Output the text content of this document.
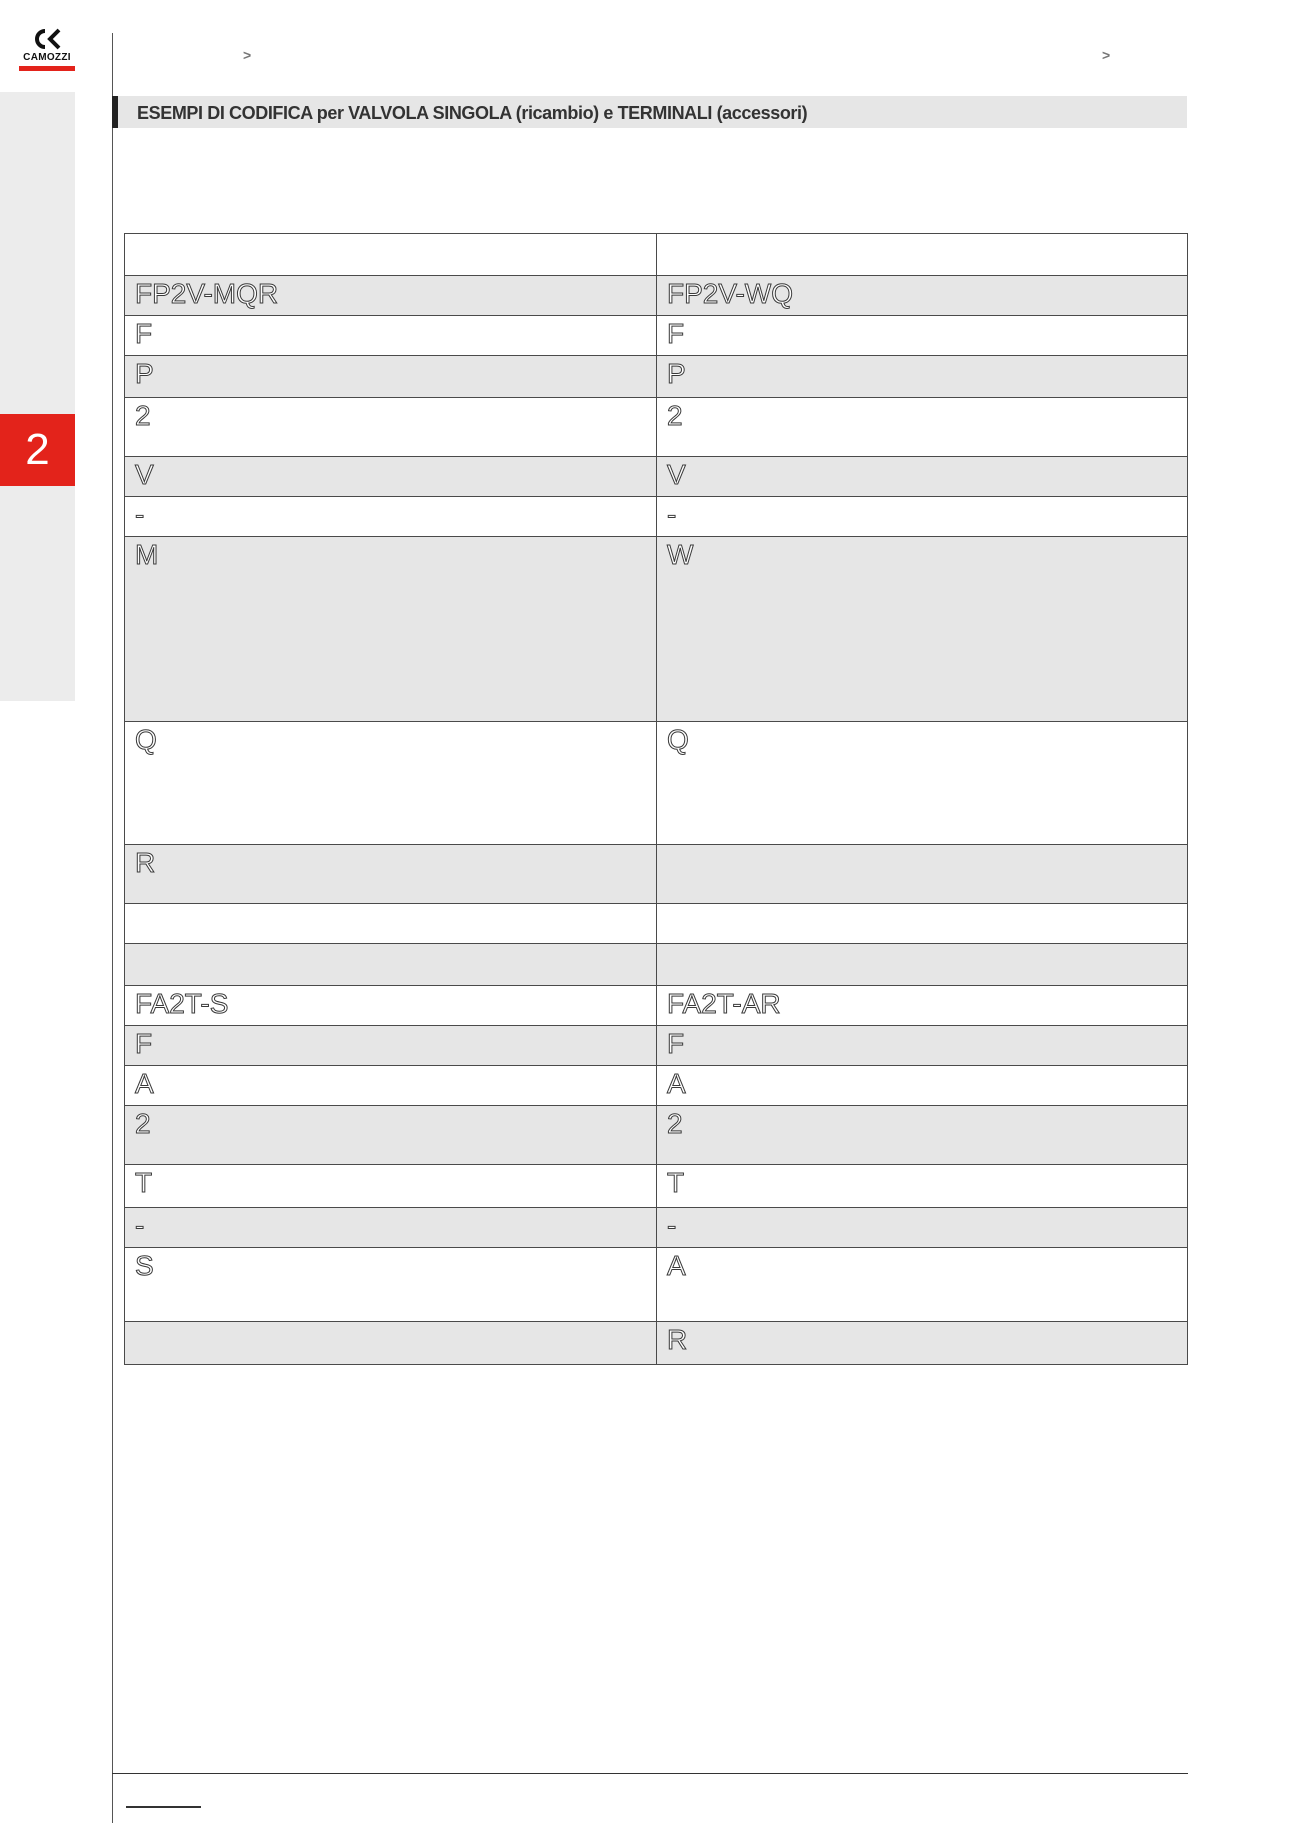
CAMOZZI
2
>	>
ESEMPI DI CODIFICA per VALVOLA SINGOLA (ricambio) e TERMINALI (accessori)

FP2V-MQR	FP2V-WQ
F	F
P	P
2	2
V	V
-	-
M	W
Q	Q
R	

FA2T-S	FA2T-AR
F	F
A	A
2	2
T	T
-	-
S	A
	R
